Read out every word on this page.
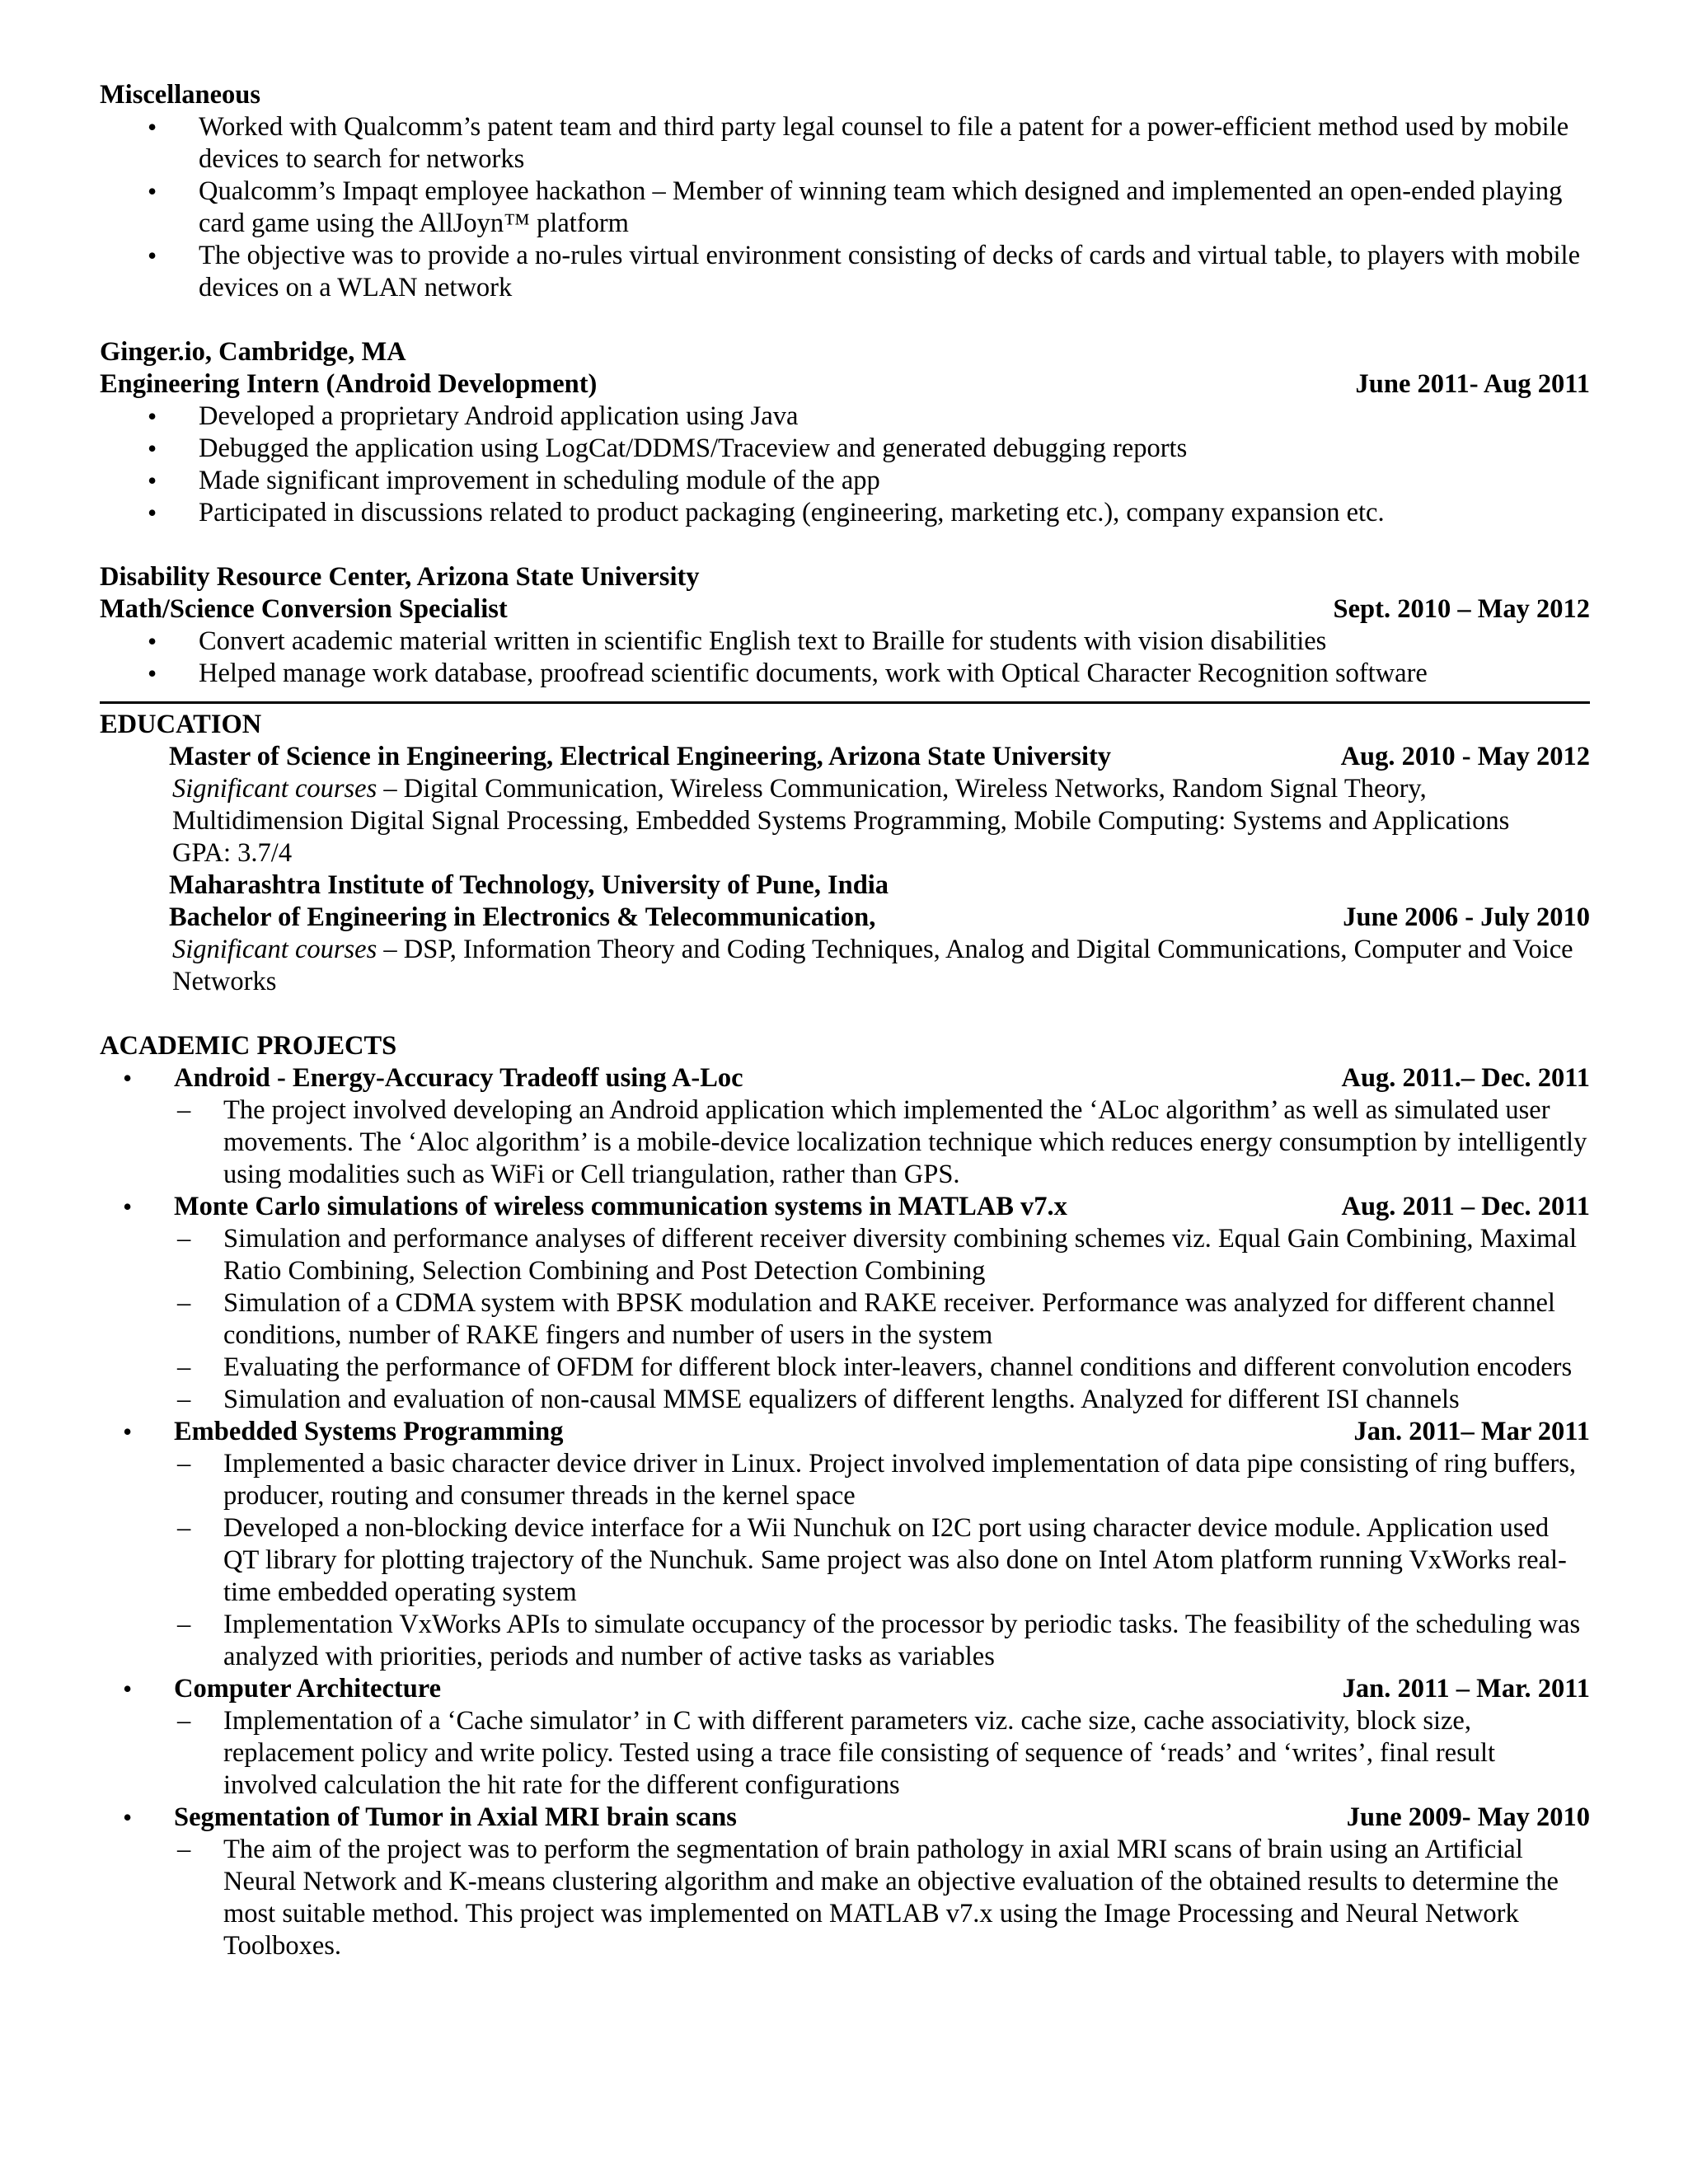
Miscellaneous
• Worked with Qualcomm’s patent team and third party legal counsel to file a patent for a power-efficient method used by mobile devices to search for networks
• Qualcomm’s Impaqt employee hackathon – Member of winning team which designed and implemented an open-ended playing card game using the AllJoyn™ platform
• The objective was to provide a no-rules virtual environment consisting of decks of cards and virtual table, to players with mobile devices on a WLAN network
Ginger.io, Cambridge, MA
Engineering Intern (Android Development)	June 2011- Aug 2011
• Developed a proprietary Android application using Java
• Debugged the application using LogCat/DDMS/Traceview and generated debugging reports
• Made significant improvement in scheduling module of the app
• Participated in discussions related to product packaging (engineering, marketing etc.), company expansion etc.
Disability Resource Center, Arizona State University
Math/Science Conversion Specialist	Sept. 2010 – May 2012
• Convert academic material written in scientific English text to Braille for students with vision disabilities
• Helped manage work database, proofread scientific documents, work with Optical Character Recognition software
EDUCATION
Master of Science in Engineering, Electrical Engineering, Arizona State University	Aug. 2010 - May 2012
Significant courses – Digital Communication, Wireless Communication, Wireless Networks, Random Signal Theory, Multidimension Digital Signal Processing, Embedded Systems Programming, Mobile Computing: Systems and Applications
GPA: 3.7/4
Maharashtra Institute of Technology, University of Pune, India
Bachelor of Engineering in Electronics & Telecommunication,	June 2006 - July 2010
Significant courses – DSP, Information Theory and Coding Techniques, Analog and Digital Communications, Computer and Voice Networks
ACADEMIC PROJECTS
• Android - Energy-Accuracy Tradeoff using A-Loc	Aug. 2011.– Dec. 2011
– The project involved developing an Android application which implemented the ‘ALoc algorithm’ as well as simulated user movements. The ‘Aloc algorithm’ is a mobile-device localization technique which reduces energy consumption by intelligently using modalities such as WiFi or Cell triangulation, rather than GPS.
• Monte Carlo simulations of wireless communication systems in MATLAB v7.x	Aug. 2011 – Dec. 2011
– Simulation and performance analyses of different receiver diversity combining schemes viz. Equal Gain Combining, Maximal Ratio Combining, Selection Combining and Post Detection Combining
– Simulation of a CDMA system with BPSK modulation and RAKE receiver. Performance was analyzed for different channel conditions, number of RAKE fingers and number of users in the system
– Evaluating the performance of OFDM for different block inter-leavers, channel conditions and different convolution encoders
– Simulation and evaluation of non-causal MMSE equalizers of different lengths. Analyzed for different ISI channels
• Embedded Systems Programming	Jan. 2011– Mar 2011
– Implemented a basic character device driver in Linux. Project involved implementation of data pipe consisting of ring buffers, producer, routing and consumer threads in the kernel space
– Developed a non-blocking device interface for a Wii Nunchuk on I2C port using character device module. Application used QT library for plotting trajectory of the Nunchuk. Same project was also done on Intel Atom platform running VxWorks real-time embedded operating system
– Implementation VxWorks APIs to simulate occupancy of the processor by periodic tasks. The feasibility of the scheduling was analyzed with priorities, periods and number of active tasks as variables
• Computer Architecture	Jan. 2011 – Mar. 2011
– Implementation of a ‘Cache simulator’ in C with different parameters viz. cache size, cache associativity, block size, replacement policy and write policy. Tested using a trace file consisting of sequence of ‘reads’ and ‘writes’, final result involved calculation the hit rate for the different configurations
• Segmentation of Tumor in Axial MRI brain scans	June 2009- May 2010
– The aim of the project was to perform the segmentation of brain pathology in axial MRI scans of brain using an Artificial Neural Network and K-means clustering algorithm and make an objective evaluation of the obtained results to determine the most suitable method. This project was implemented on MATLAB v7.x using the Image Processing and Neural Network Toolboxes.
